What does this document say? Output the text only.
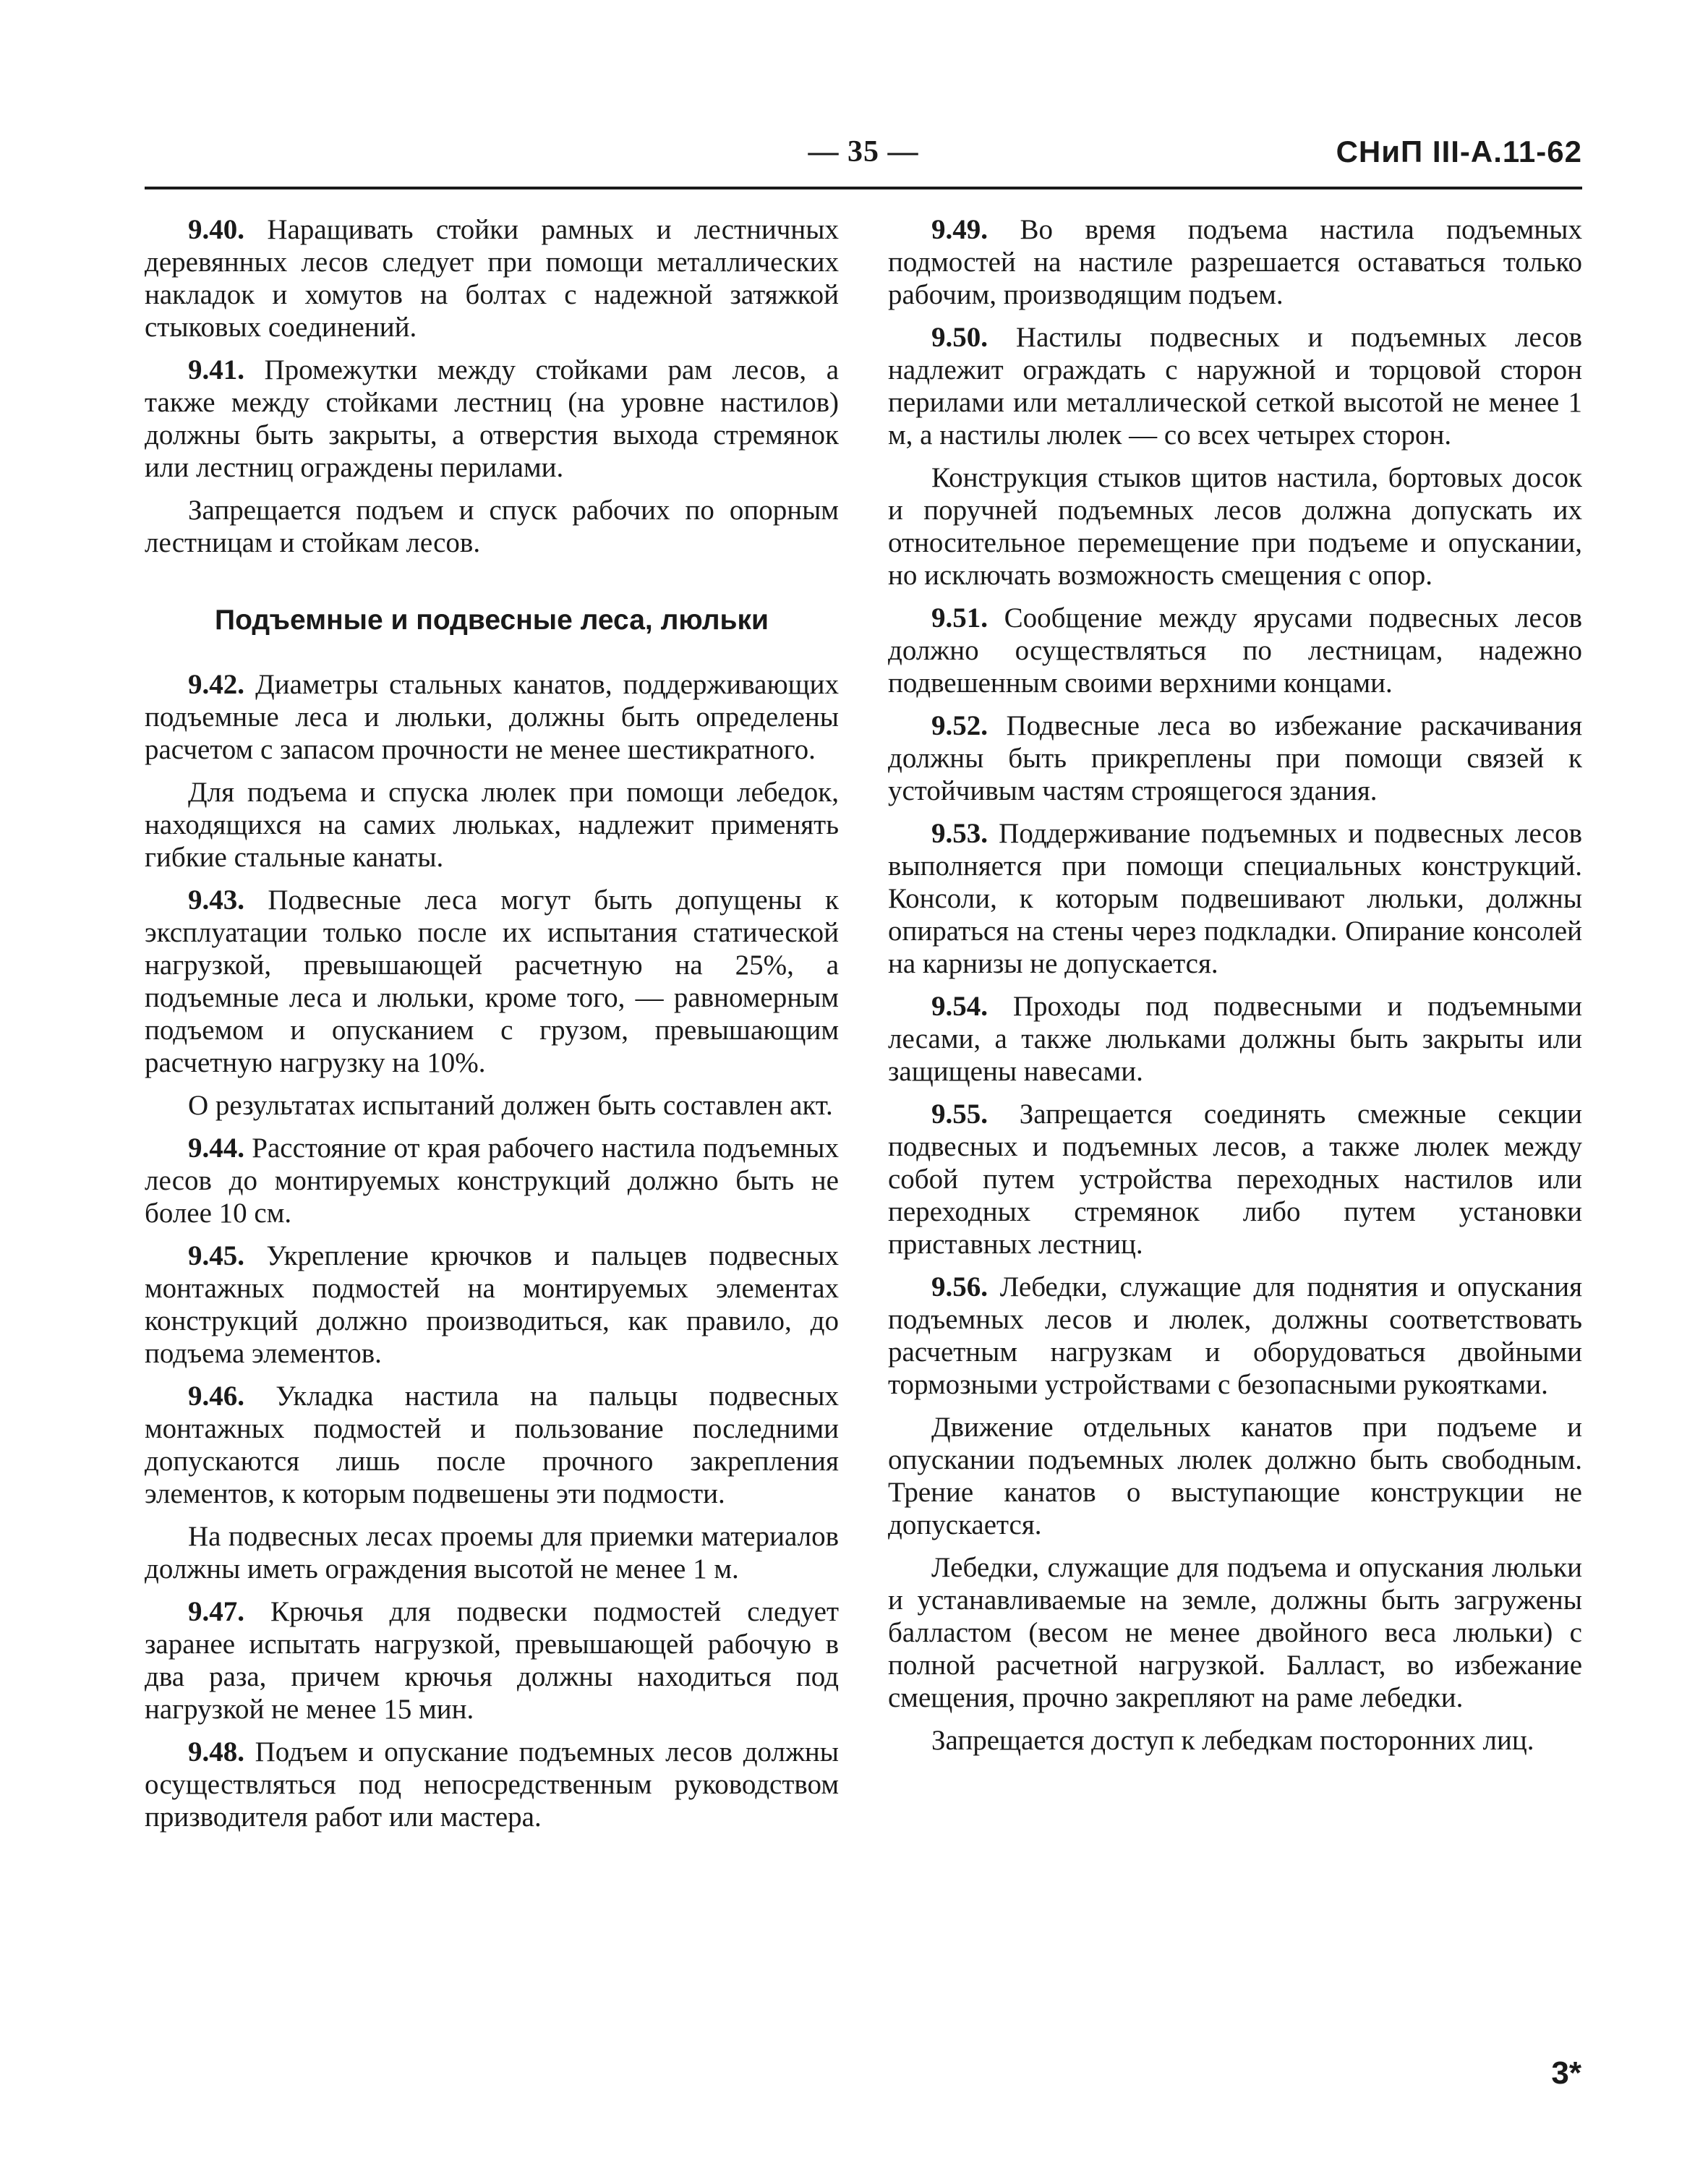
— 35 —	СНиП III-А.11-62

9.40. Наращивать стойки рамных и лестничных деревянных лесов следует при помощи металлических накладок и хомутов на болтах с надежной затяжкой стыковых соединений.

9.41. Промежутки между стойками рам лесов, а также между стойками лестниц (на уровне настилов) должны быть закрыты, а отверстия выхода стремянок или лестниц ограждены перилами.

Запрещается подъем и спуск рабочих по опорным лестницам и стойкам лесов.

Подъемные и подвесные леса, люльки

9.42. Диаметры стальных канатов, поддерживающих подъемные леса и люльки, должны быть определены расчетом с запасом прочности не менее шестикратного.

Для подъема и спуска люлек при помощи лебедок, находящихся на самих люльках, надлежит применять гибкие стальные канаты.

9.43. Подвесные леса могут быть допущены к эксплуатации только после их испытания статической нагрузкой, превышающей расчетную на 25%, а подъемные леса и люльки, кроме того, — равномерным подъемом и опусканием с грузом, превышающим расчетную нагрузку на 10%.

О результатах испытаний должен быть составлен акт.

9.44. Расстояние от края рабочего настила подъемных лесов до монтируемых конструкций должно быть не более 10 см.

9.45. Укрепление крючков и пальцев подвесных монтажных подмостей на монтируемых элементах конструкций должно производиться, как правило, до подъема элементов.

9.46. Укладка настила на пальцы подвесных монтажных подмостей и пользование последними допускаются лишь после прочного закрепления элементов, к которым подвешены эти подмости.

На подвесных лесах проемы для приемки материалов должны иметь ограждения высотой не менее 1 м.

9.47. Крючья для подвески подмостей следует заранее испытать нагрузкой, превышающей рабочую в два раза, причем крючья должны находиться под нагрузкой не менее 15 мин.

9.48. Подъем и опускание подъемных лесов должны осуществляться под непосредственным руководством призводителя работ или мастера.

9.49. Во время подъема настила подъемных подмостей на настиле разрешается оставаться только рабочим, производящим подъем.

9.50. Настилы подвесных и подъемных лесов надлежит ограждать с наружной и торцовой сторон перилами или металлической сеткой высотой не менее 1 м, а настилы люлек — со всех четырех сторон.

Конструкция стыков щитов настила, бортовых досок и поручней подъемных лесов должна допускать их относительное перемещение при подъеме и опускании, но исключать возможность смещения с опор.

9.51. Сообщение между ярусами подвесных лесов должно осуществляться по лестницам, надежно подвешенным своими верхними концами.

9.52. Подвесные леса во избежание раскачивания должны быть прикреплены при помощи связей к устойчивым частям строящегося здания.

9.53. Поддерживание подъемных и подвесных лесов выполняется при помощи специальных конструкций. Консоли, к которым подвешивают люльки, должны опираться на стены через подкладки. Опирание консолей на карнизы не допускается.

9.54. Проходы под подвесными и подъемными лесами, а также люльками должны быть закрыты или защищены навесами.

9.55. Запрещается соединять смежные секции подвесных и подъемных лесов, а также люлек между собой путем устройства переходных настилов или переходных стремянок либо путем установки приставных лестниц.

9.56. Лебедки, служащие для поднятия и опускания подъемных лесов и люлек, должны соответствовать расчетным нагрузкам и оборудоваться двойными тормозными устройствами с безопасными рукоятками.

Движение отдельных канатов при подъеме и опускании подъемных люлек должно быть свободным. Трение канатов о выступающие конструкции не допускается.

Лебедки, служащие для подъема и опускания люльки и устанавливаемые на земле, должны быть загружены балластом (весом не менее двойного веса люльки) с полной расчетной нагрузкой. Балласт, во избежание смещения, прочно закрепляют на раме лебедки.

Запрещается доступ к лебедкам посторонних лиц.

3*
